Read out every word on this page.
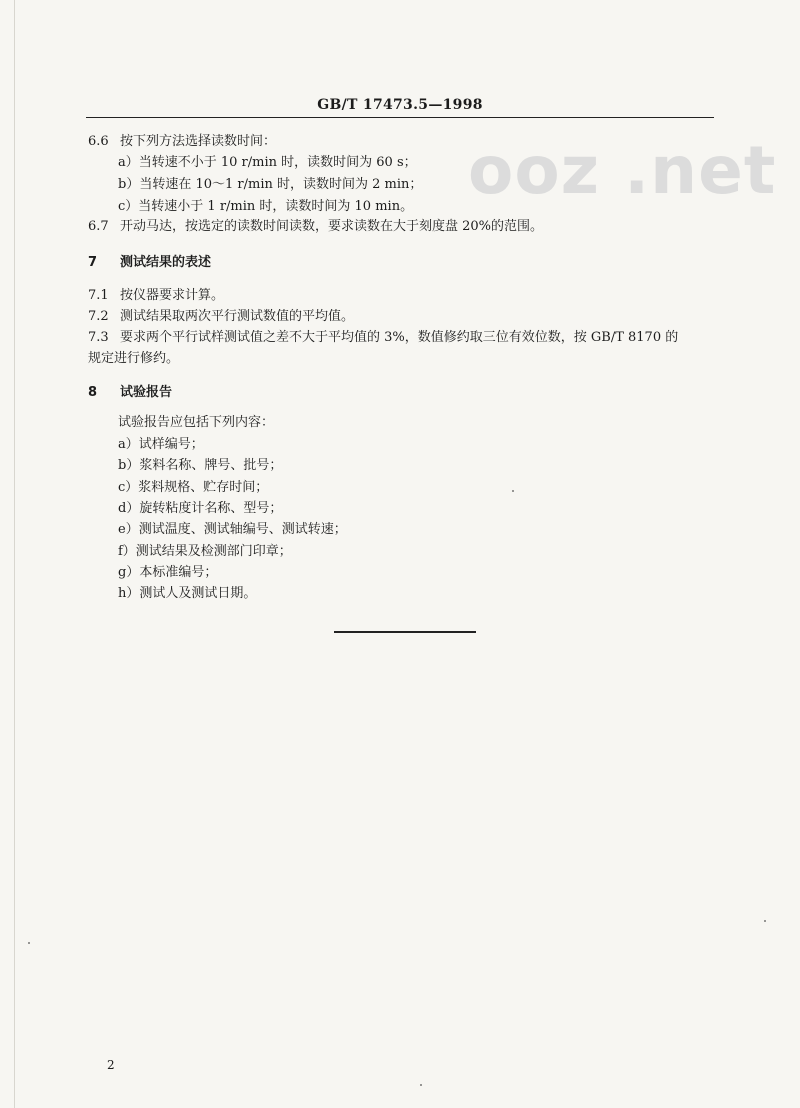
GB/T 17473.5—1998
ooz .net
6.6 按下列方法选择读数时间：
a）当转速不小于 10 r/min 时，读数时间为 60 s；
b）当转速在 10～1 r/min 时，读数时间为 2 min；
c）当转速小于 1 r/min 时，读数时间为 10 min。
6.7 开动马达，按选定的读数时间读数，要求读数在大于刻度盘 20%的范围。
7 测试结果的表述
7.1 按仪器要求计算。
7.2 测试结果取两次平行测试数值的平均值。
7.3 要求两个平行试样测试值之差不大于平均值的 3%，数值修约取三位有效位数，按 GB/T 8170 的
规定进行修约。
8 试验报告
试验报告应包括下列内容：
a）试样编号；
b）浆料名称、牌号、批号；
c）浆料规格、贮存时间；
d）旋转粘度计名称、型号；
e）测试温度、测试轴编号、测试转速；
f）测试结果及检测部门印章；
g）本标准编号；
h）测试人及测试日期。
2
